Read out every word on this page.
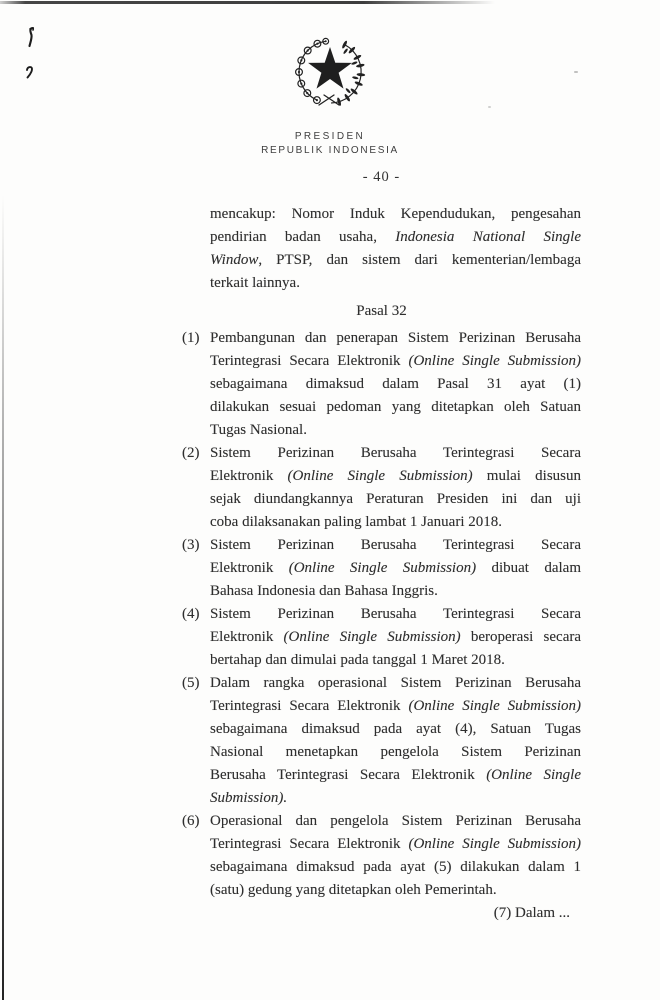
PRESIDEN
REPUBLIK INDONESIA
- 40 -
mencakup: Nomor Induk Kependudukan, pengesahan
pendirian badan usaha, Indonesia National Single
Window, PTSP, dan sistem dari kementerian/lembaga
terkait lainnya.
Pasal 32
(1) Pembangunan dan penerapan Sistem Perizinan Berusaha
Terintegrasi Secara Elektronik (Online Single Submission)
sebagaimana dimaksud dalam Pasal 31 ayat (1)
dilakukan sesuai pedoman yang ditetapkan oleh Satuan
Tugas Nasional.
(2) Sistem Perizinan Berusaha Terintegrasi Secara
Elektronik (Online Single Submission) mulai disusun
sejak diundangkannya Peraturan Presiden ini dan uji
coba dilaksanakan paling lambat 1 Januari 2018.
(3) Sistem Perizinan Berusaha Terintegrasi Secara
Elektronik (Online Single Submission) dibuat dalam
Bahasa Indonesia dan Bahasa Inggris.
(4) Sistem Perizinan Berusaha Terintegrasi Secara
Elektronik (Online Single Submission) beroperasi secara
bertahap dan dimulai pada tanggal 1 Maret 2018.
(5) Dalam rangka operasional Sistem Perizinan Berusaha
Terintegrasi Secara Elektronik (Online Single Submission)
sebagaimana dimaksud pada ayat (4), Satuan Tugas
Nasional menetapkan pengelola Sistem Perizinan
Berusaha Terintegrasi Secara Elektronik (Online Single
Submission).
(6) Operasional dan pengelola Sistem Perizinan Berusaha
Terintegrasi Secara Elektronik (Online Single Submission)
sebagaimana dimaksud pada ayat (5) dilakukan dalam 1
(satu) gedung yang ditetapkan oleh Pemerintah.
(7) Dalam ...
